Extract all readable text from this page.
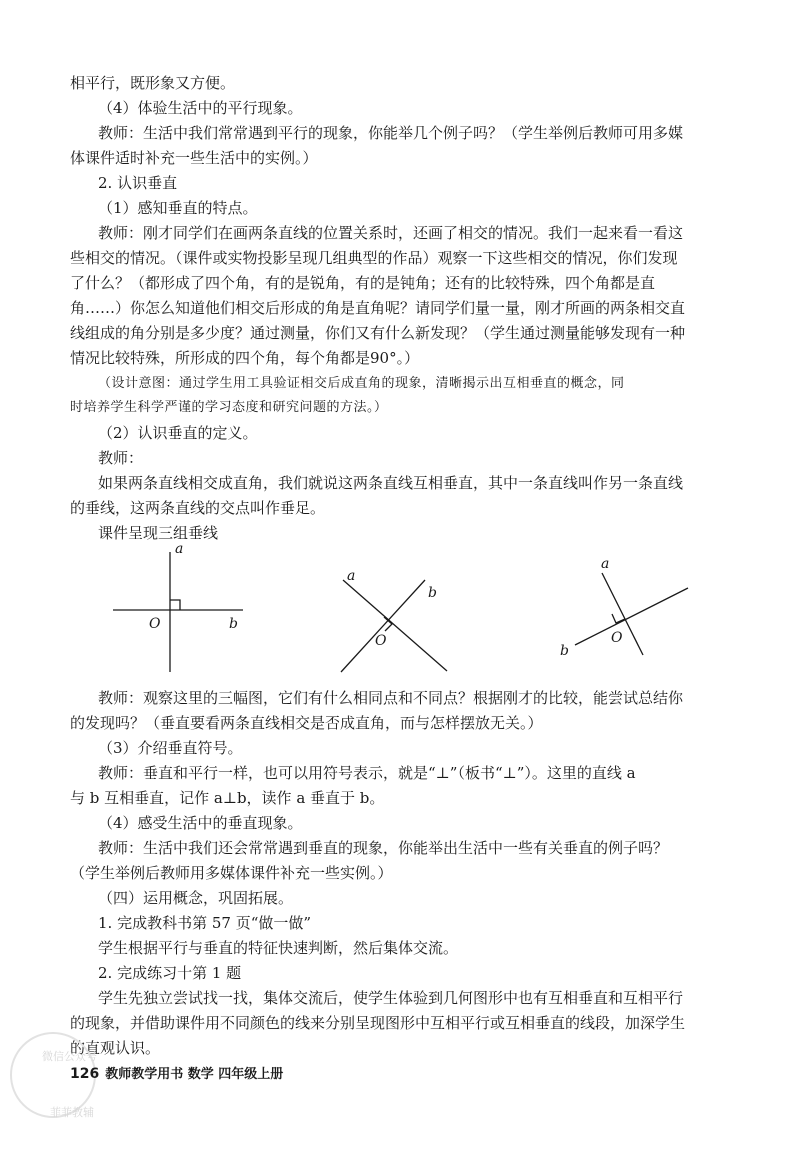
相平行，既形象又方便。
（4）体验生活中的平行现象。
教师：生活中我们常常遇到平行的现象，你能举几个例子吗？（学生举例后教师可用多媒
体课件适时补充一些生活中的实例。）
2. 认识垂直
（1）感知垂直的特点。
教师：刚才同学们在画两条直线的位置关系时，还画了相交的情况。我们一起来看一看这
些相交的情况。（课件或实物投影呈现几组典型的作品）观察一下这些相交的情况，你们发现
了什么？（都形成了四个角，有的是锐角，有的是钝角；还有的比较特殊，四个角都是直
角……）你怎么知道他们相交后形成的角是直角呢？请同学们量一量，刚才所画的两条相交直
线组成的角分别是多少度？通过测量，你们又有什么新发现？（学生通过测量能够发现有一种
情况比较特殊，所形成的四个角，每个角都是90°。）
（设计意图：通过学生用工具验证相交后成直角的现象，清晰揭示出互相垂直的概念，同
时培养学生科学严谨的学习态度和研究问题的方法。）
（2）认识垂直的定义。
教师：
如果两条直线相交成直角，我们就说这两条直线互相垂直，其中一条直线叫作另一条直线
的垂线，这两条直线的交点叫作垂足。
课件呈现三组垂线
a
O	b
a
b
O
a
O
b
教师：观察这里的三幅图，它们有什么相同点和不同点？根据刚才的比较，能尝试总结你
的发现吗？（垂直要看两条直线相交是否成直角，而与怎样摆放无关。）
（3）介绍垂直符号。
教师：垂直和平行一样，也可以用符号表示，就是“⊥”（板书“⊥”）。这里的直线 a
与 b 互相垂直，记作 a⊥b，读作 a 垂直于 b。
（4）感受生活中的垂直现象。
教师：生活中我们还会常常遇到垂直的现象，你能举出生活中一些有关垂直的例子吗？
（学生举例后教师用多媒体课件补充一些实例。）
（四）运用概念，巩固拓展。
1. 完成教科书第 57 页“做一做”
学生根据平行与垂直的特征快速判断，然后集体交流。
2. 完成练习十第 1 题
学生先独立尝试找一找，集体交流后，使学生体验到几何图形中也有互相垂直和互相平行
的现象，并借助课件用不同颜色的线来分别呈现图形中互相平行或互相垂直的线段，加深学生
的直观认识。
微信公众号
菲菲教辅
126 教师教学用书 数学 四年级上册
